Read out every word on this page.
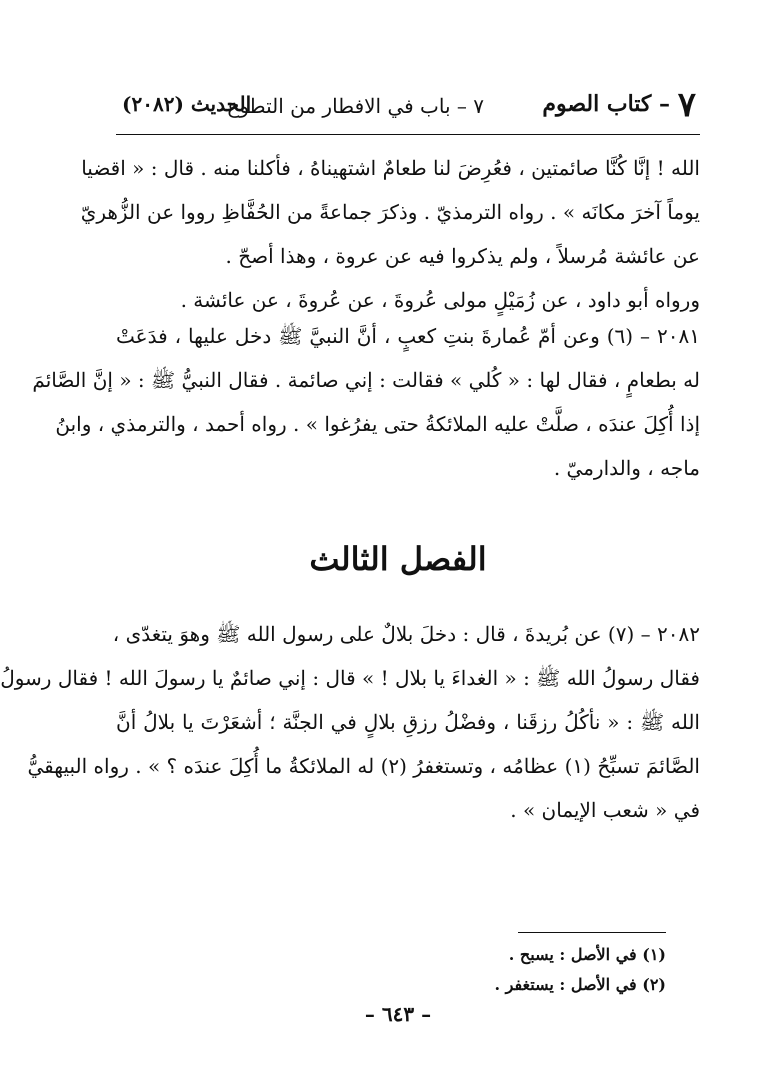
٧ – كتاب الصوم
٧ – باب في الافطار من التطوع
الحديث (٢٠٨٢)
الله ! إنَّا كُنَّا صائمتين ، فعُرِضَ لنا طعامٌ اشتهيناهُ ، فأكلنا منه . قال : « اقضيا
يوماً آخرَ مكانَه » . رواه الترمذيّ . وذكرَ جماعةً من الحُفَّاظِ رووا عن الزُّهريّ
عن عائشة مُرسلاً ، ولم يذكروا فيه عن عروة ، وهذا أصحّ .
ورواه أبو داود ، عن زُمَيْلٍ مولى عُروةَ ، عن عُروةَ ، عن عائشة .
٢٠٨١ – (٦) وعن أمّ عُمارةَ بنتِ كعبٍ ، أنَّ النبيَّ ﷺ دخل عليها ، فدَعَتْ
له بطعامٍ ، فقال لها : « كُلي » فقالت : إني صائمة . فقال النبيُّ ﷺ : « إنَّ الصَّائمَ
إذا أُكِلَ عندَه ، صلَّتْ عليه الملائكةُ حتى يفرُغوا » . رواه أحمد ، والترمذي ، وابنُ
ماجه ، والدارميّ .
الفصل الثالث
٢٠٨٢ – (٧) عن بُريدةَ ، قال : دخلَ بلالٌ على رسول الله ﷺ وهوَ يتغدّى ،
فقال رسولُ الله ﷺ : « الغداءَ يا بلال ! » قال : إني صائمٌ يا رسولَ الله ! فقال رسولُ
الله ﷺ : « نأكُلُ رزقَنا ، وفضْلُ رزقِ بلالٍ في الجنَّة ؛ أشعَرْتَ يا بلالُ أنَّ
الصَّائمَ تسبِّحُ (١) عظامُه ، وتستغفرُ (٢) له الملائكةُ ما أُكِلَ عندَه ؟ » . رواه البيهقيُّ
في « شعب الإيمان » .
(١) في الأصل : يسبح .
(٢) في الأصل : يستغفر .
– ٦٤٣ –
